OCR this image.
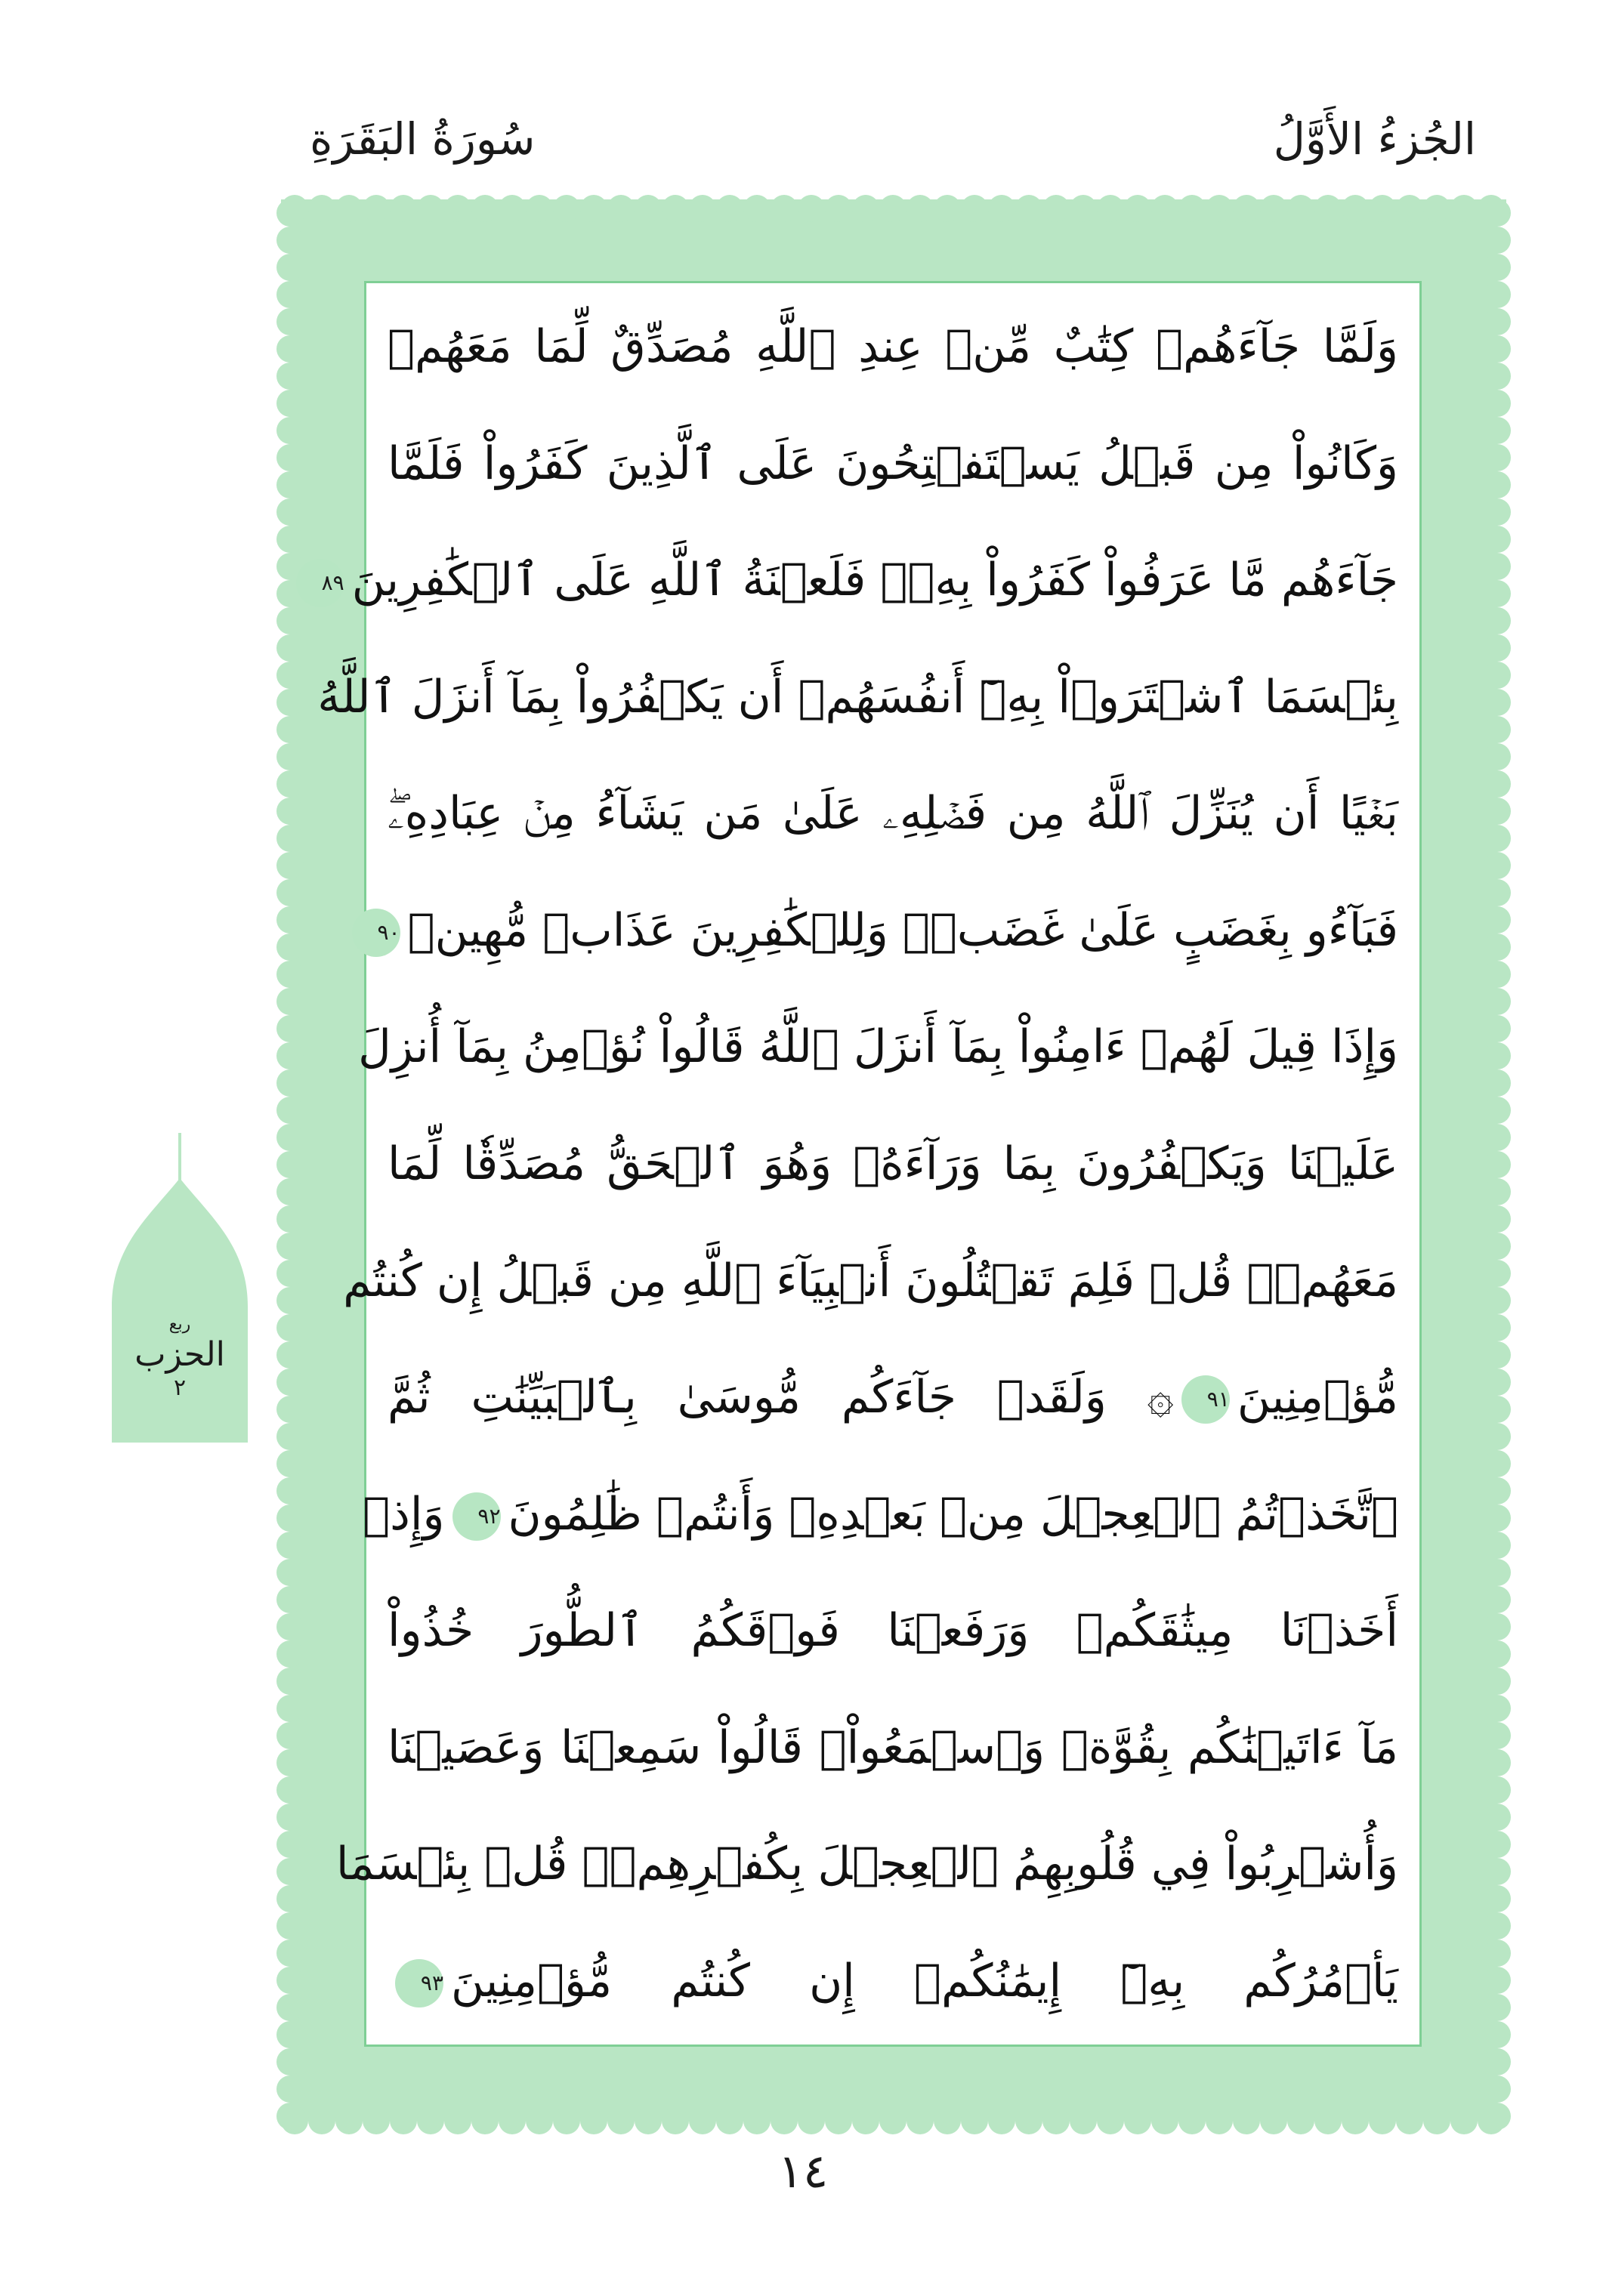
الجُزءُ الأَوَّلُ
سُورَةُ البَقَرَةِ
وَلَمَّا جَآءَهُمۡ كِتَٰبٌ مِّنۡ عِندِ ٱللَّهِ مُصَدِّقٌ لِّمَا مَعَهُمۡ
وَكَانُواْ مِن قَبۡلُ يَسۡتَفۡتِحُونَ عَلَى ٱلَّذِينَ كَفَرُواْ فَلَمَّا
جَآءَهُم مَّا عَرَفُواْ كَفَرُواْ بِهِۦۚ فَلَعۡنَةُ ٱللَّهِ عَلَى ٱلۡكَٰفِرِينَ٨٩
بِئۡسَمَا ٱشۡتَرَوۡاْ بِهِۦٓ أَنفُسَهُمۡ أَن يَكۡفُرُواْ بِمَآ أَنزَلَ ٱللَّهُ
بَغۡيًا أَن يُنَزِّلَ ٱللَّهُ مِن فَضۡلِهِۦ عَلَىٰ مَن يَشَآءُ مِنۡ عِبَادِهِۦۖ
فَبَآءُو بِغَضَبٍ عَلَىٰ غَضَبٖۚ وَلِلۡكَٰفِرِينَ عَذَابٞ مُّهِينٞ٩٠
وَإِذَا قِيلَ لَهُمۡ ءَامِنُواْ بِمَآ أَنزَلَ ٱللَّهُ قَالُواْ نُؤۡمِنُ بِمَآ أُنزِلَ
عَلَيۡنَا وَيَكۡفُرُونَ بِمَا وَرَآءَهُۥ وَهُوَ ٱلۡحَقُّ مُصَدِّقٗا لِّمَا
مَعَهُمۡۗ قُلۡ فَلِمَ تَقۡتُلُونَ أَنۢبِيَآءَ ٱللَّهِ مِن قَبۡلُ إِن كُنتُم
مُّؤۡمِنِينَ٩١۞ وَلَقَدۡ جَآءَكُم مُّوسَىٰ بِٱلۡبَيِّنَٰتِ ثُمَّ
ٱتَّخَذۡتُمُ ٱلۡعِجۡلَ مِنۢ بَعۡدِهِۦ وَأَنتُمۡ ظَٰلِمُونَ٩٢وَإِذۡ
أَخَذۡنَا مِيثَٰقَكُمۡ وَرَفَعۡنَا فَوۡقَكُمُ ٱلطُّورَ خُذُواْ
مَآ ءَاتَيۡنَٰكُم بِقُوَّةٖ وَٱسۡمَعُواْۖ قَالُواْ سَمِعۡنَا وَعَصَيۡنَا
وَأُشۡرِبُواْ فِي قُلُوبِهِمُ ٱلۡعِجۡلَ بِكُفۡرِهِمۡۚ قُلۡ بِئۡسَمَا
يَأۡمُرُكُم بِهِۦٓ إِيمَٰنُكُمۡ إِن كُنتُم مُّؤۡمِنِينَ٩٣
ربع
الحزب
٢
١٤
